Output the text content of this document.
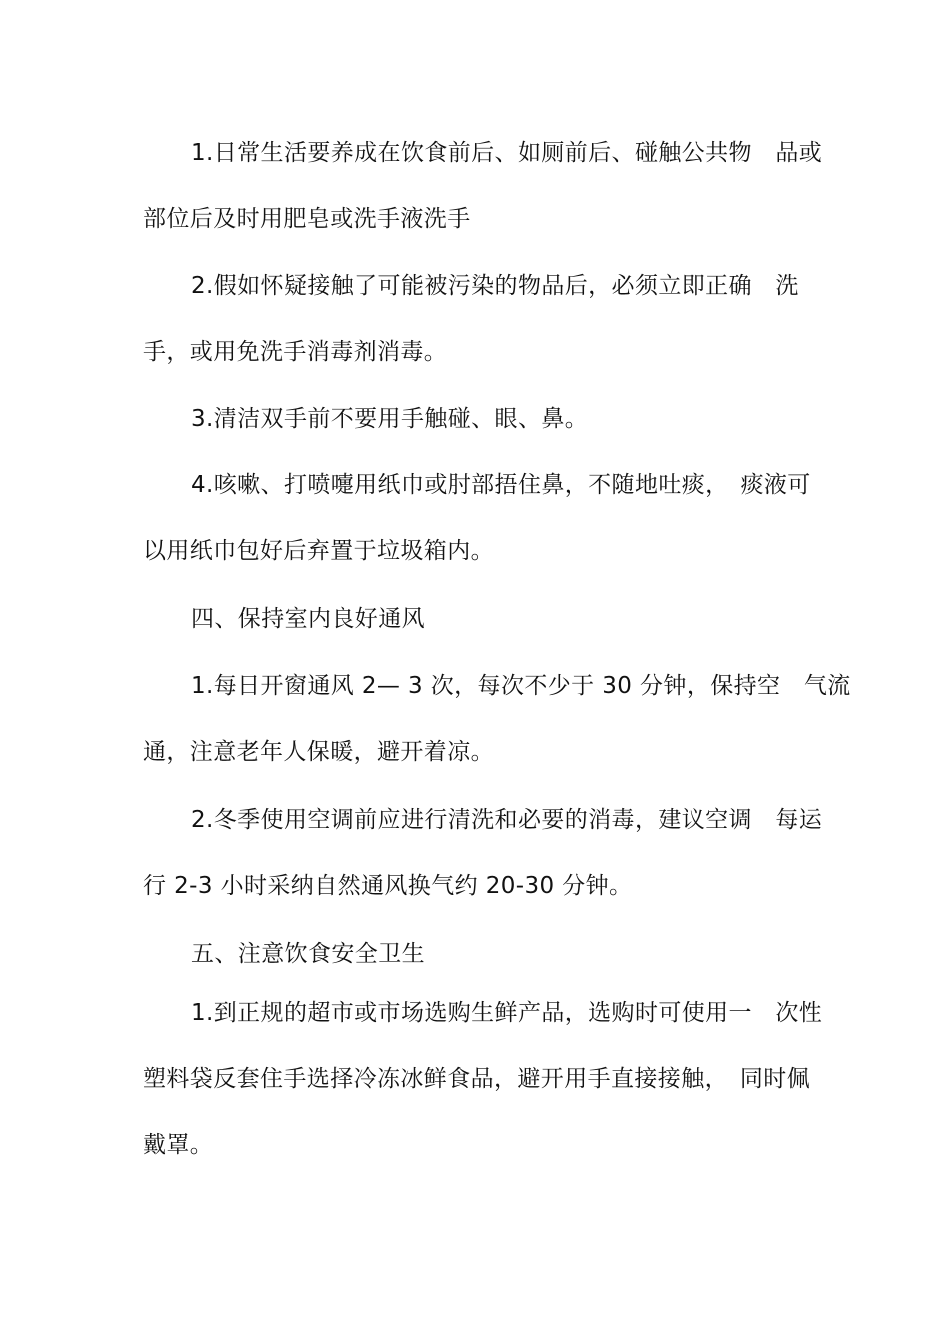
1.日常生活要养成在饮食前后、如厕前后、碰触公共物　品或
部位后及时用肥皂或洗手液洗手
2.假如怀疑接触了可能被污染的物品后，必须立即正确　洗
手，或用免洗手消毒剂消毒。
3.清洁双手前不要用手触碰、眼、鼻。
4.咳嗽、打喷嚏用纸巾或肘部捂住鼻，不随地吐痰，　痰液可
以用纸巾包好后弃置于垃圾箱内。
四、保持室内良好通风
1.每日开窗通风 2— 3 次，每次不少于 30 分钟，保持空　气流
通，注意老年人保暖，避开着凉。
2.冬季使用空调前应进行清洗和必要的消毒，建议空调　每运
行 2-3 小时采纳自然通风换气约 20-30 分钟。
五、注意饮食安全卫生
1.到正规的超市或市场选购生鲜产品，选购时可使用一　次性
塑料袋反套住手选择冷冻冰鲜食品，避开用手直接接触，　同时佩
戴罩。
